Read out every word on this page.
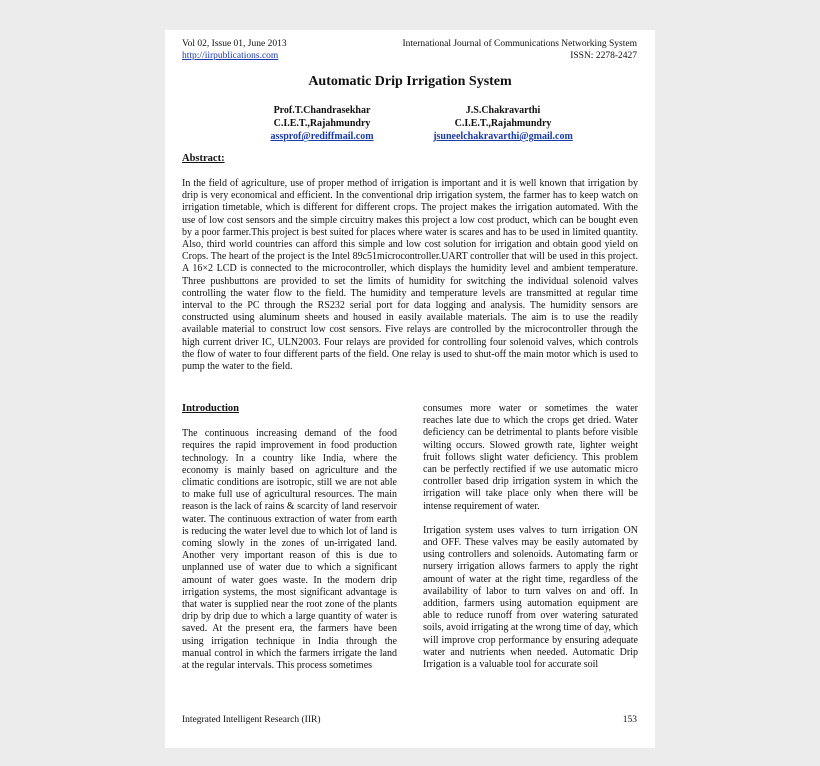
Vol 02, Issue 01, June 2013
http://iirpublications.com
International Journal of Communications Networking System
ISSN: 2278-2427
Automatic Drip Irrigation System
Prof.T.Chandrasekhar
C.I.E.T.,Rajahmundry
assprof@rediffmail.com
J.S.Chakravarthi
C.I.E.T.,Rajahmundry
jsuneelchakravarthi@gmail.com
Abstract:
In the field of agriculture, use of proper method of irrigation is important and it is well known that irrigation by drip is very economical and efficient. In the conventional drip irrigation system, the farmer has to keep watch on irrigation timetable, which is different for different crops. The project makes the irrigation automated. With the use of low cost sensors and the simple circuitry makes this project a low cost product, which can be bought even by a poor farmer.This project is best suited for places where water is scares and has to be used in limited quantity. Also, third world countries can afford this simple and low cost solution for irrigation and obtain good yield on Crops. The heart of the project is the Intel 89c51microcontroller.UART controller that will be used in this project. A 16×2 LCD is connected to the microcontroller, which displays the humidity level and ambient temperature. Three pushbuttons are provided to set the limits of humidity for switching the individual solenoid valves controlling the water flow to the field. The humidity and temperature levels are transmitted at regular time interval to the PC through the RS232 serial port for data logging and analysis. The humidity sensors are constructed using aluminum sheets and housed in easily available materials. The aim is to use the readily available material to construct low cost sensors. Five relays are controlled by the microcontroller through the high current driver IC, ULN2003. Four relays are provided for controlling four solenoid valves, which controls the flow of water to four different parts of the field. One relay is used to shut-off the main motor which is used to pump the water to the field.
Introduction

The continuous increasing demand of the food requires the rapid improvement in food production technology. In a country like India, where the economy is mainly based on agriculture and the climatic conditions are isotropic, still we are not able to make full use of agricultural resources. The main reason is the lack of rains & scarcity of land reservoir water. The continuous extraction of water from earth is reducing the water level due to which lot of land is coming slowly in the zones of un-irrigated land. Another very important reason of this is due to unplanned use of water due to which a significant amount of water goes waste. In the modern drip irrigation systems, the most significant advantage is that water is supplied near the root zone of the plants drip by drip due to which a large quantity of water is saved. At the present era, the farmers have been using irrigation technique in India through the manual control in which the farmers irrigate the land at the regular intervals. This process sometimes

consumes more water or sometimes the water reaches late due to which the crops get dried. Water deficiency can be detrimental to plants before visible wilting occurs. Slowed growth rate, lighter weight fruit follows slight water deficiency. This problem can be perfectly rectified if we use automatic micro controller based drip irrigation system in which the irrigation will take place only when there will be intense requirement of water.

Irrigation system uses valves to turn irrigation ON and OFF. These valves may be easily automated by using controllers and solenoids. Automating farm or nursery irrigation allows farmers to apply the right amount of water at the right time, regardless of the availability of labor to turn valves on and off. In addition, farmers using automation equipment are able to reduce runoff from over watering saturated soils, avoid irrigating at the wrong time of day, which will improve crop performance by ensuring adequate water and nutrients when needed. Automatic Drip Irrigation is a valuable tool for accurate soil

Integrated Intelligent Research (IIR)	153
